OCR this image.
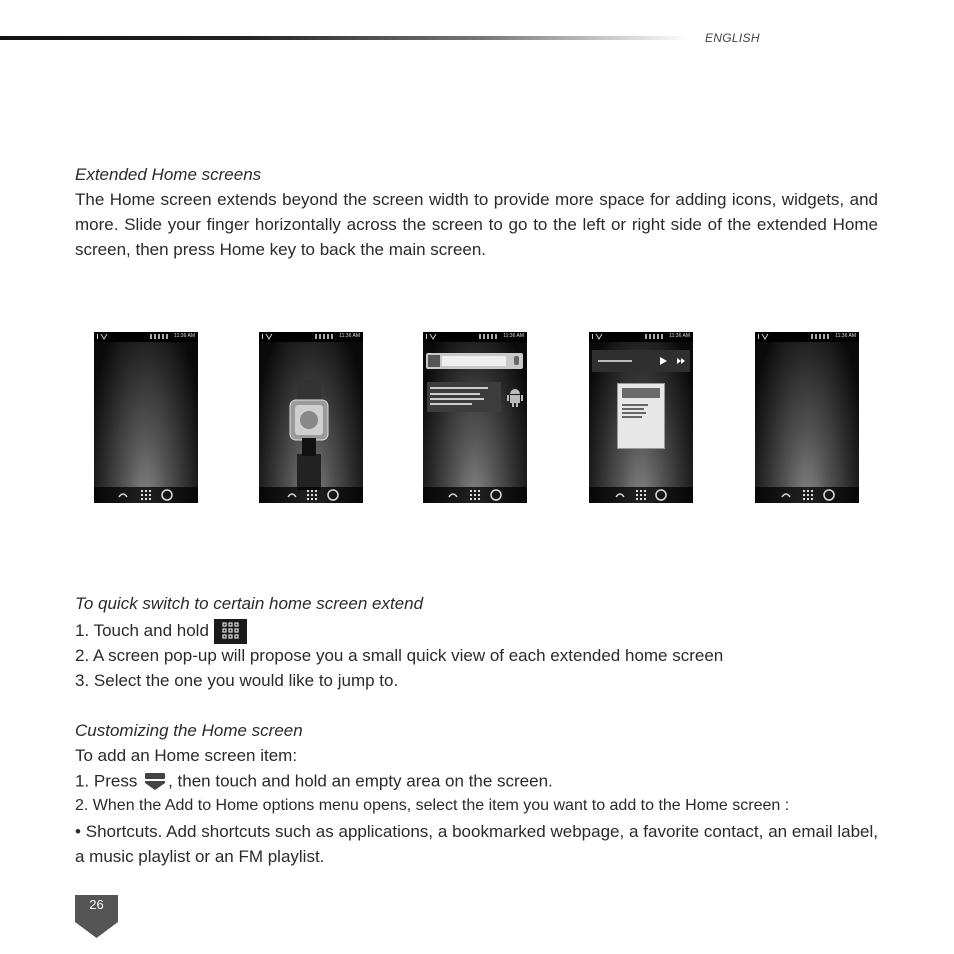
ENGLISH
Extended Home screens
The Home screen extends beyond the screen width to provide more space for adding icons, widgets, and more. Slide your finger horizontally across the screen to go to the left or right side of the extended Home screen, then press Home key to back the main screen.
11:36 AM	11:36 AM	11:36 AM	11:36 AM	11:36 AM
To quick switch to certain home screen extend
1. Touch and hold
2. A screen pop-up will propose you a small quick view of each extended home screen
3. Select the one you would like to jump to.
Customizing the Home screen
To add an Home screen item:
1. Press , then touch and hold an empty area on the screen.
2. When the Add to Home options menu opens, select the item you want to add to the Home screen :
• Shortcuts. Add shortcuts such as applications, a bookmarked webpage, a favorite contact, an email label, a music playlist or an FM playlist.
26
